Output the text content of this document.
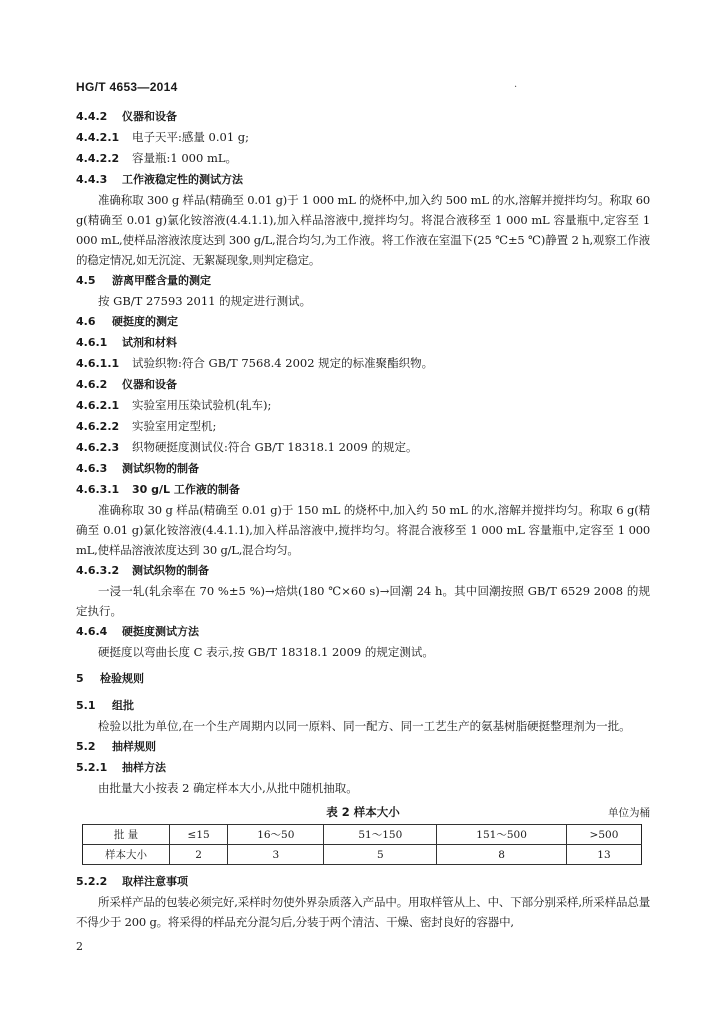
HG/T 4653—2014	·

4.4.2 仪器和设备

4.4.2.1 电子天平:感量 0.01 g;

4.4.2.2 容量瓶:1 000 mL。

4.4.3 工作液稳定性的测试方法

准确称取 300 g 样品(精确至 0.01 g)于 1 000 mL 的烧杯中,加入约 500 mL 的水,溶解并搅拌均匀。称取 60 g(精确至 0.01 g)氯化铵溶液(4.4.1.1),加入样品溶液中,搅拌均匀。将混合液移至 1 000 mL 容量瓶中,定容至 1 000 mL,使样品溶液浓度达到 300 g/L,混合均匀,为工作液。将工作液在室温下(25 ℃±5 ℃)静置 2 h,观察工作液的稳定情况,如无沉淀、无絮凝现象,则判定稳定。

4.5 游离甲醛含量的测定

按 GB/T 27593 2011 的规定进行测试。

4.6 硬挺度的测定

4.6.1 试剂和材料

4.6.1.1 试验织物:符合 GB/T 7568.4 2002 规定的标准聚酯织物。

4.6.2 仪器和设备

4.6.2.1 实验室用压染试验机(轧车);

4.6.2.2 实验室用定型机;

4.6.2.3 织物硬挺度测试仪:符合 GB/T 18318.1 2009 的规定。

4.6.3 测试织物的制备

4.6.3.1 30 g/L 工作液的制备

准确称取 30 g 样品(精确至 0.01 g)于 150 mL 的烧杯中,加入约 50 mL 的水,溶解并搅拌均匀。称取 6 g(精确至 0.01 g)氯化铵溶液(4.4.1.1),加入样品溶液中,搅拌均匀。将混合液移至 1 000 mL 容量瓶中,定容至 1 000 mL,使样品溶液浓度达到 30 g/L,混合均匀。

4.6.3.2 测试织物的制备

一浸一轧(轧余率在 70 %±5 %)→焙烘(180 ℃×60 s)→回潮 24 h。其中回潮按照 GB/T 6529 2008 的规定执行。

4.6.4 硬挺度测试方法

硬挺度以弯曲长度 C 表示,按 GB/T 18318.1 2009 的规定测试。

5 检验规则

5.1 组批

检验以批为单位,在一个生产周期内以同一原料、同一配方、同一工艺生产的氨基树脂硬挺整理剂为一批。

5.2 抽样规则

5.2.1 抽样方法

由批量大小按表 2 确定样本大小,从批中随机抽取。

表 2 样本大小	单位为桶
批 量	≤15	16～50	51～150	151～500	>500
样本大小	2	3	5	8	13

5.2.2 取样注意事项

所采样产品的包装必须完好,采样时勿使外界杂质落入产品中。用取样管从上、中、下部分别采样,所采样品总量不得少于 200 g。将采得的样品充分混匀后,分装于两个清洁、干燥、密封良好的容器中,

2
